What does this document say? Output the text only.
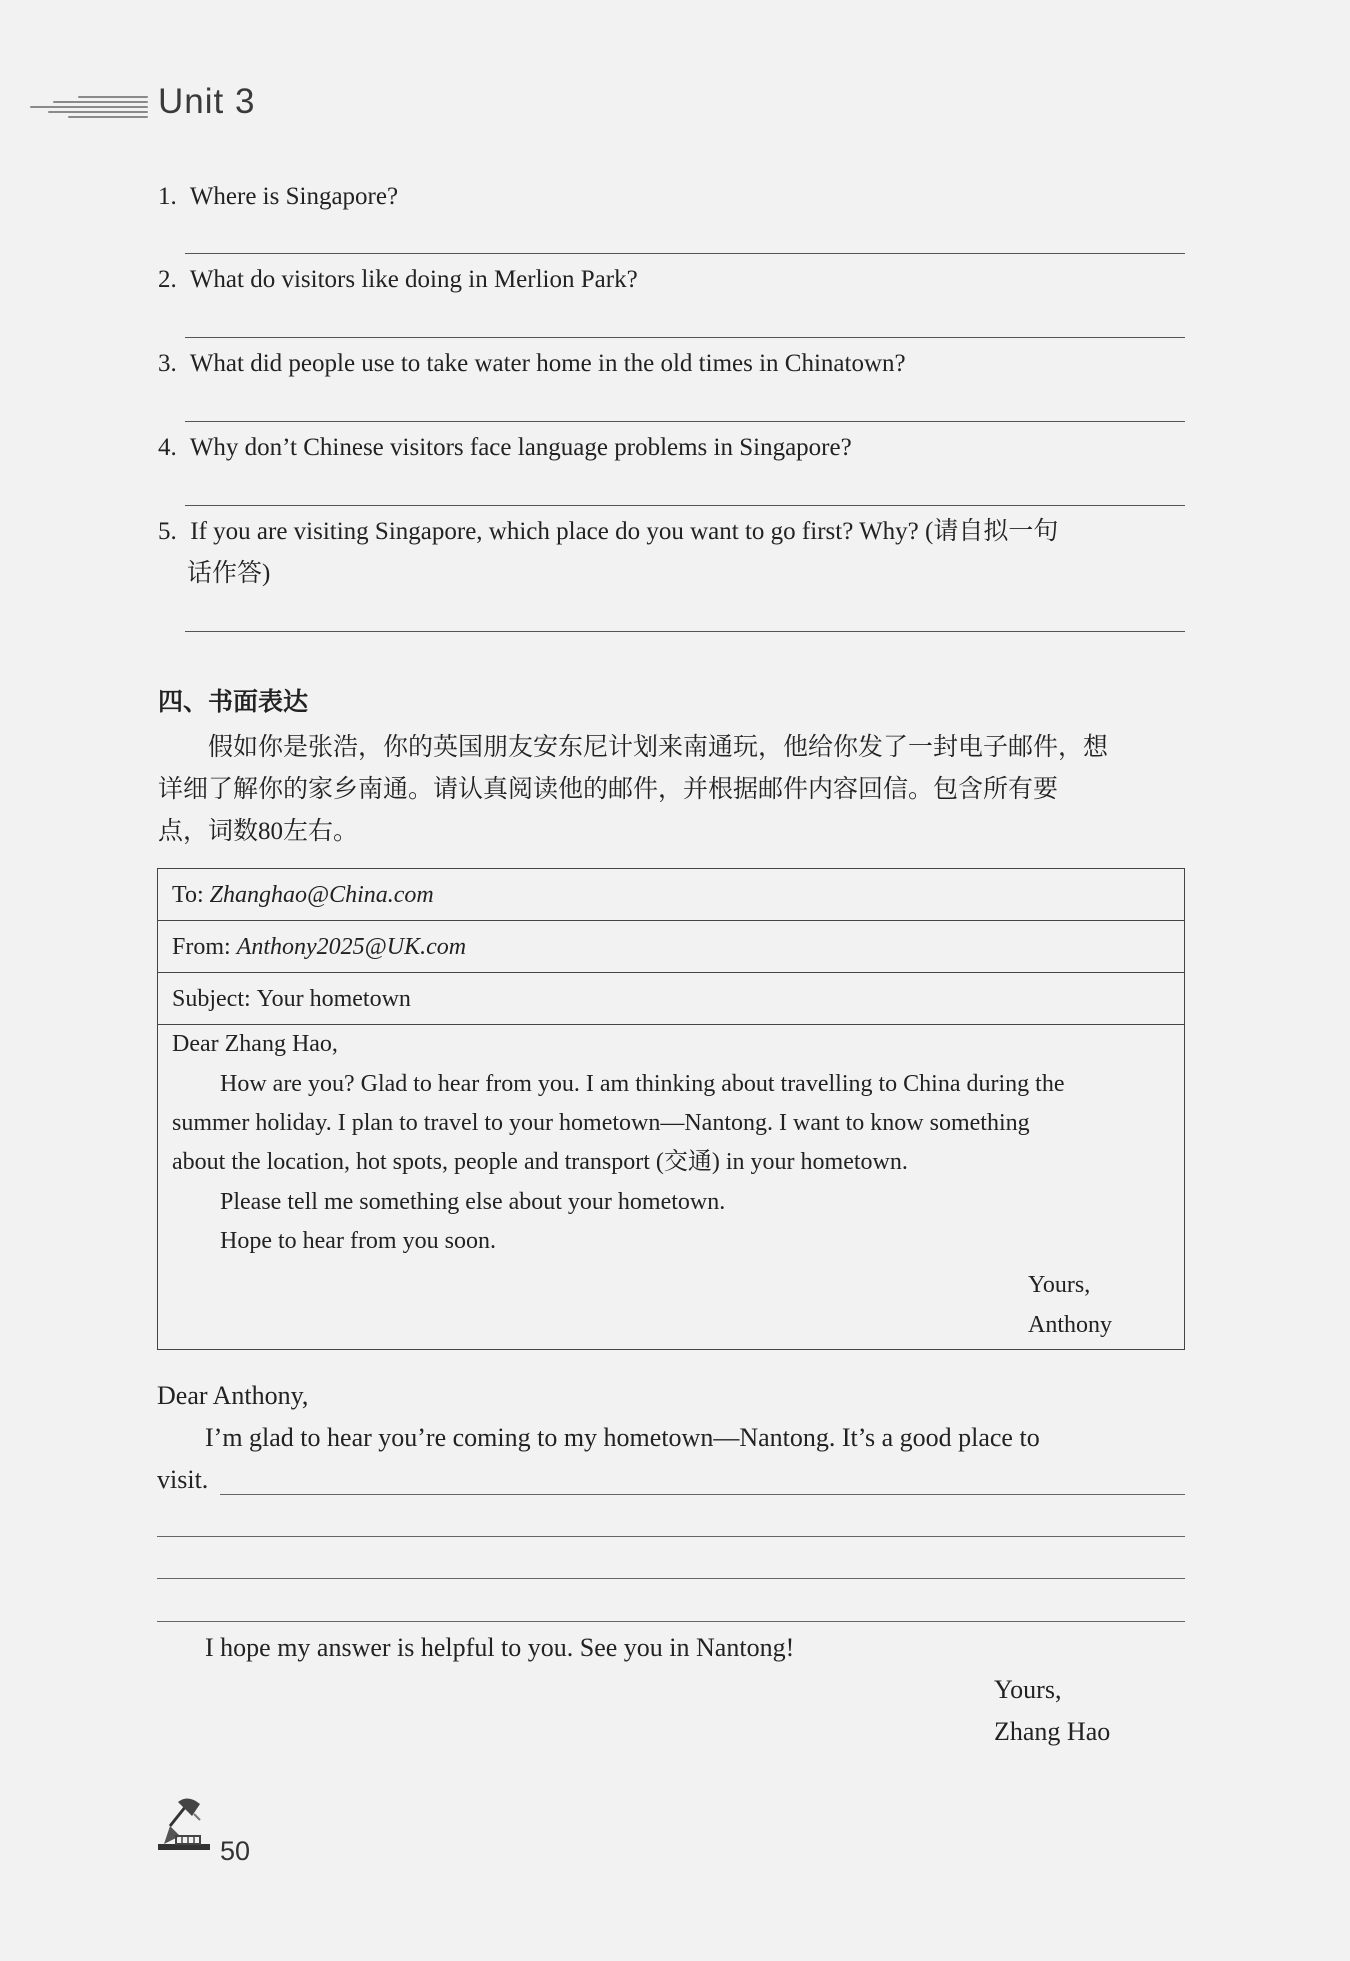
Unit 3
1. Where is Singapore?
2. What do visitors like doing in Merlion Park?
3. What did people use to take water home in the old times in Chinatown?
4. Why don’t Chinese visitors face language problems in Singapore?
5. If you are visiting Singapore, which place do you want to go first? Why? (请自拟一句
话作答)
四、书面表达
假如你是张浩，你的英国朋友安东尼计划来南通玩，他给你发了一封电子邮件，想
详细了解你的家乡南通。请认真阅读他的邮件，并根据邮件内容回信。包含所有要
点，词数80左右。
To: Zhanghao@China.com
From: Anthony2025@UK.com
Subject: Your hometown
Dear Zhang Hao,
How are you? Glad to hear from you. I am thinking about travelling to China during the
summer holiday. I plan to travel to your hometown—Nantong. I want to know something
about the location, hot spots, people and transport (交通) in your hometown.
Please tell me something else about your hometown.
Hope to hear from you soon.
Yours,
Anthony
Dear Anthony,
I’m glad to hear you’re coming to my hometown—Nantong. It’s a good place to
visit.
I hope my answer is helpful to you. See you in Nantong!
Yours,
Zhang Hao
50
